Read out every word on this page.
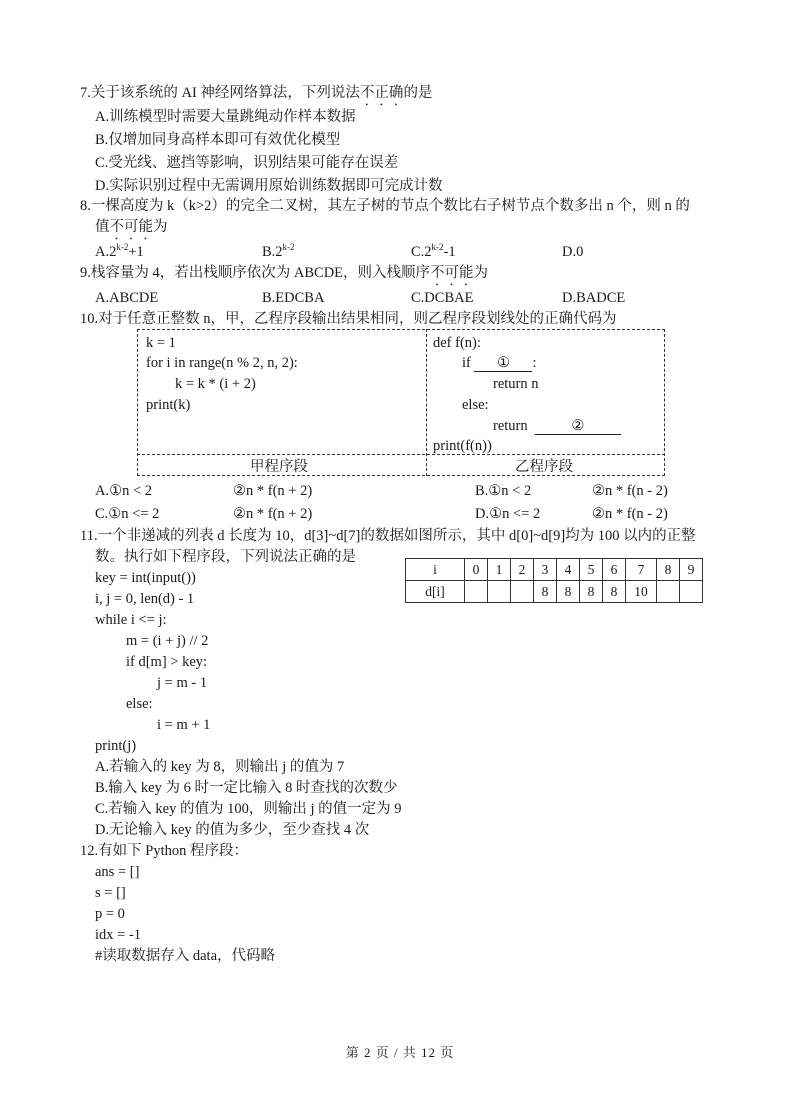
7.关于该系统的 AI 神经网络算法，下列说法不正确的是
A.训练模型时需要大量跳绳动作样本数据
B.仅增加同身高样本即可有效优化模型
C.受光线、遮挡等影响，识别结果可能存在误差
D.实际识别过程中无需调用原始训练数据即可完成计数
8.一棵高度为 k（k>2）的完全二叉树，其左子树的节点个数比右子树节点个数多出 n 个，则 n 的
值不可能为
$A.2^{k-2}+1$	B.2$^{k-2}$	C.2$^{k-2}$-1	D.0
9.栈容量为 4，若出栈顺序依次为 ABCDE，则入栈顺序不可能为
A.ABCDE	B.EDCBA	C.DCBAE	D.BADCE
10.对于任意正整数 n，甲，乙程序段输出结果相同，则乙程序段划线处的正确代码为
k = 1
for i in range(n % 2, n, 2):
k = k * (i + 2)
print(k)
def f(n):
if ① :
return n
else:
return	②
print(f(n))
甲程序段	乙程序段
A.①n < 2	②n * f(n + 2)	B.①n < 2	②n * f(n - 2)
C.①n <= 2	②n * f(n + 2)	D.①n <= 2	②n * f(n - 2)
11.一个非递减的列表 d 长度为 10，d[3]~d[7]的数据如图所示，其中 d[0]~d[9]均为 100 以内的正整
数。执行如下程序段，下列说法正确的是
i	0	1	2	3	4	5	6	7	8	9
d[i]				8	8	8	8	10		
key = int(input())
i, j = 0, len(d) - 1
while i <= j:
m = (i + j) // 2
if d[m] > key:
j = m - 1
else:
i = m + 1
print(j)
A.若输入的 key 为 8，则输出 j 的值为 7
B.输入 key 为 6 时一定比输入 8 时查找的次数少
C.若输入 key 的值为 100，则输出 j 的值一定为 9
D.无论输入 key 的值为多少，至少查找 4 次
12.有如下 Python 程序段：
ans = []
s = []
p = 0
idx = -1
#读取数据存入 data，代码略
第 2 页 / 共 12 页
